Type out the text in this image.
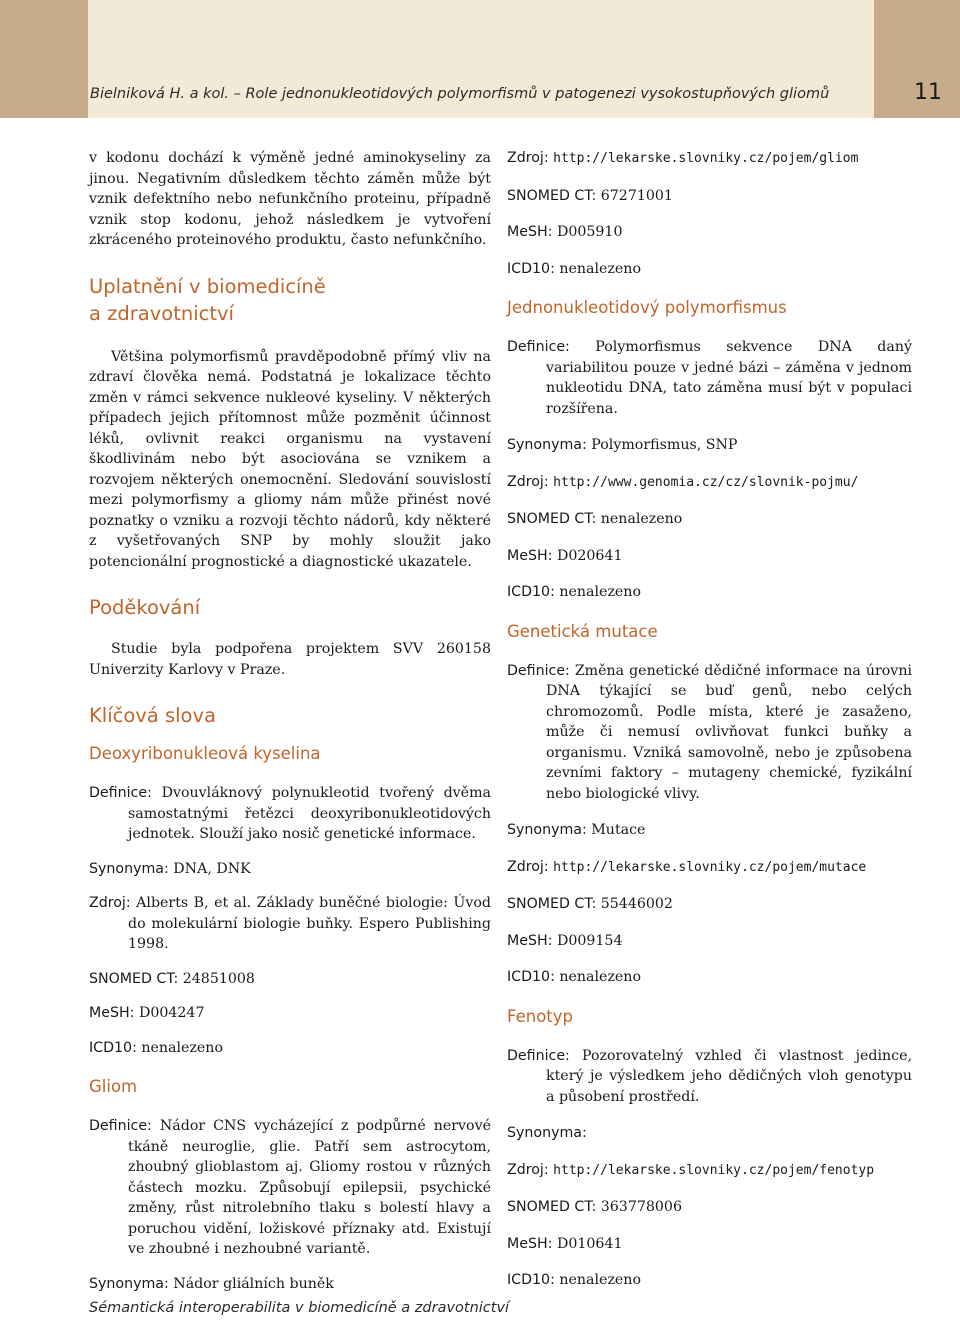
Bielniková H. a kol. – Role jednonukleotidových polymorfismů v patogenezi vysokostupňových gliomů	11

v kodonu dochází k výměně jedné aminokyseliny za jinou. Negativním důsledkem těchto záměn může být vznik defektního nebo nefunkčního proteinu, případně vznik stop kodonu, jehož následkem je vytvoření zkráceného proteinového produktu, často nefunkčního.

Uplatnění v biomedicíně
a zdravotnictví

Většina polymorfismů pravděpodobně přímý vliv na zdraví člověka nemá. Podstatná je lokalizace těchto změn v rámci sekvence nukleové kyseliny. V některých případech jejich přítomnost může pozměnit účinnost léků, ovlivnit reakci organismu na vystavení škodlivinám nebo být asociována se vznikem a rozvojem některých onemocnění. Sledování souvislostí mezi polymorfismy a gliomy nám může přinést nové poznatky o vzniku a rozvoji těchto nádorů, kdy některé z vyšetřovaných SNP by mohly sloužit jako potencionální prognostické a diagnostické ukazatele.

Poděkování

Studie byla podpořena projektem SVV 260158 Univerzity Karlovy v Praze.

Klíčová slova
Deoxyribonukleová kyselina
Definice: Dvouvláknový polynukleotid tvořený dvěma samostatnými řetězci deoxyribonukleotidových jednotek. Slouží jako nosič genetické informace.
Synonyma: DNA, DNK
Zdroj: Alberts B, et al. Základy buněčné biologie: Úvod do molekulární biologie buňky. Espero Publishing 1998.
SNOMED CT: 24851008
MeSH: D004247
ICD10: nenalezeno
Gliom
Definice: Nádor CNS vycházející z podpůrné nervové tkáně neuroglie, glie. Patří sem astrocytom, zhoubný glioblastom aj. Gliomy rostou v různých částech mozku. Způsobují epilepsii, psychické změny, růst nitrolebního tlaku s bolestí hlavy a poruchou vidění, ložiskové příznaky atd. Existují ve zhoubné i nezhoubné variantě.
Synonyma: Nádor gliálních buněk
Zdroj: http://lekarske.slovniky.cz/pojem/gliom
SNOMED CT: 67271001
MeSH: D005910
ICD10: nenalezeno
Jednonukleotidový polymorfismus
Definice: Polymorfismus sekvence DNA daný variabilitou pouze v jedné bázi – záměna v jednom nukleotidu DNA, tato záměna musí být v populaci rozšířena.
Synonyma: Polymorfismus, SNP
Zdroj: http://www.genomia.cz/cz/slovnik-pojmu/
SNOMED CT: nenalezeno
MeSH: D020641
ICD10: nenalezeno
Genetická mutace
Definice: Změna genetické dědičné informace na úrovni DNA týkající se buď genů, nebo celých chromozomů. Podle místa, které je zasaženo, může či nemusí ovlivňovat funkci buňky a organismu. Vzniká samovolně, nebo je způsobena zevními faktory – mutageny chemické, fyzikální nebo biologické vlivy.
Synonyma: Mutace
Zdroj: http://lekarske.slovniky.cz/pojem/mutace
SNOMED CT: 55446002
MeSH: D009154
ICD10: nenalezeno
Fenotyp
Definice: Pozorovatelný vzhled či vlastnost jedince, který je výsledkem jeho dědičných vloh genotypu a působení prostředí.
Synonyma:
Zdroj: http://lekarske.slovniky.cz/pojem/fenotyp
SNOMED CT: 363778006
MeSH: D010641
ICD10: nenalezeno
Sémantická interoperabilita v biomedicíně a zdravotnictví
